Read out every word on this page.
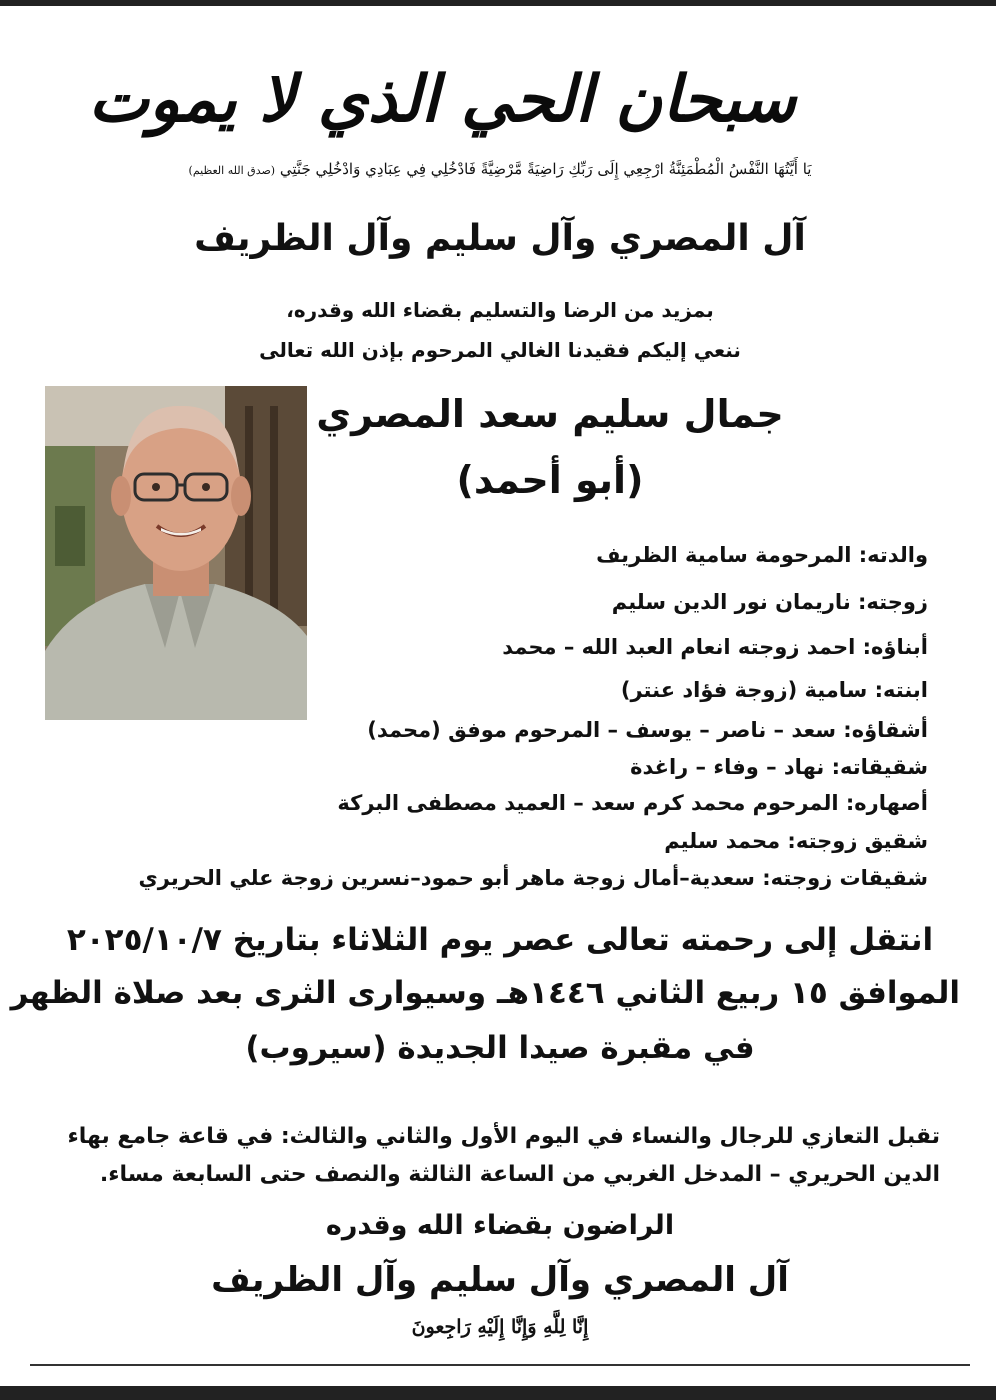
سبحان الحي الذي لا يموت
يَا أَيَّتُهَا النَّفْسُ الْمُطْمَئِنَّةُ ارْجِعِي إِلَى رَبِّكِ رَاضِيَةً مَّرْضِيَّةً فَادْخُلِي فِي عِبَادِي وَادْخُلِي جَنَّتِي (صدق الله العظيم)
آل المصري وآل سليم وآل الظريف
بمزيد من الرضا والتسليم بقضاء الله وقدره،
ننعي إليكم فقيدنا الغالي المرحوم بإذن الله تعالى
جمال سليم سعد المصري
(أبو أحمد)
والدته: المرحومة سامية الظريف
زوجته: ناريمان نور الدين سليم
أبناؤه: احمد زوجته انعام العبد الله – محمد
ابنته: سامية (زوجة فؤاد عنتر)
أشقاؤه: سعد – ناصر – يوسف – المرحوم موفق (محمد)
شقيقاته: نهاد – وفاء – راغدة
أصهاره: المرحوم محمد كرم سعد – العميد مصطفى البركة
شقيق زوجته: محمد سليم
شقيقات زوجته: سعدية–أمال زوجة ماهر أبو حمود–نسرين زوجة علي الحريري
انتقل إلى رحمته تعالى عصر يوم الثلاثاء بتاريخ ٢٠٢٥/١٠/٧
الموافق ١٥ ربيع الثاني ١٤٤٦هـ وسيوارى الثرى بعد صلاة الظهر
في مقبرة صيدا الجديدة (سيروب)
تقبل التعازي للرجال والنساء في اليوم الأول والثاني والثالث: في قاعة جامع بهاء
الدين الحريري – المدخل الغربي من الساعة الثالثة والنصف حتى السابعة مساء.
الراضون بقضاء الله وقدره
آل المصري وآل سليم وآل الظريف
إِنَّا لِلَّهِ وَإِنَّا إِلَيْهِ رَاجِعونَ
